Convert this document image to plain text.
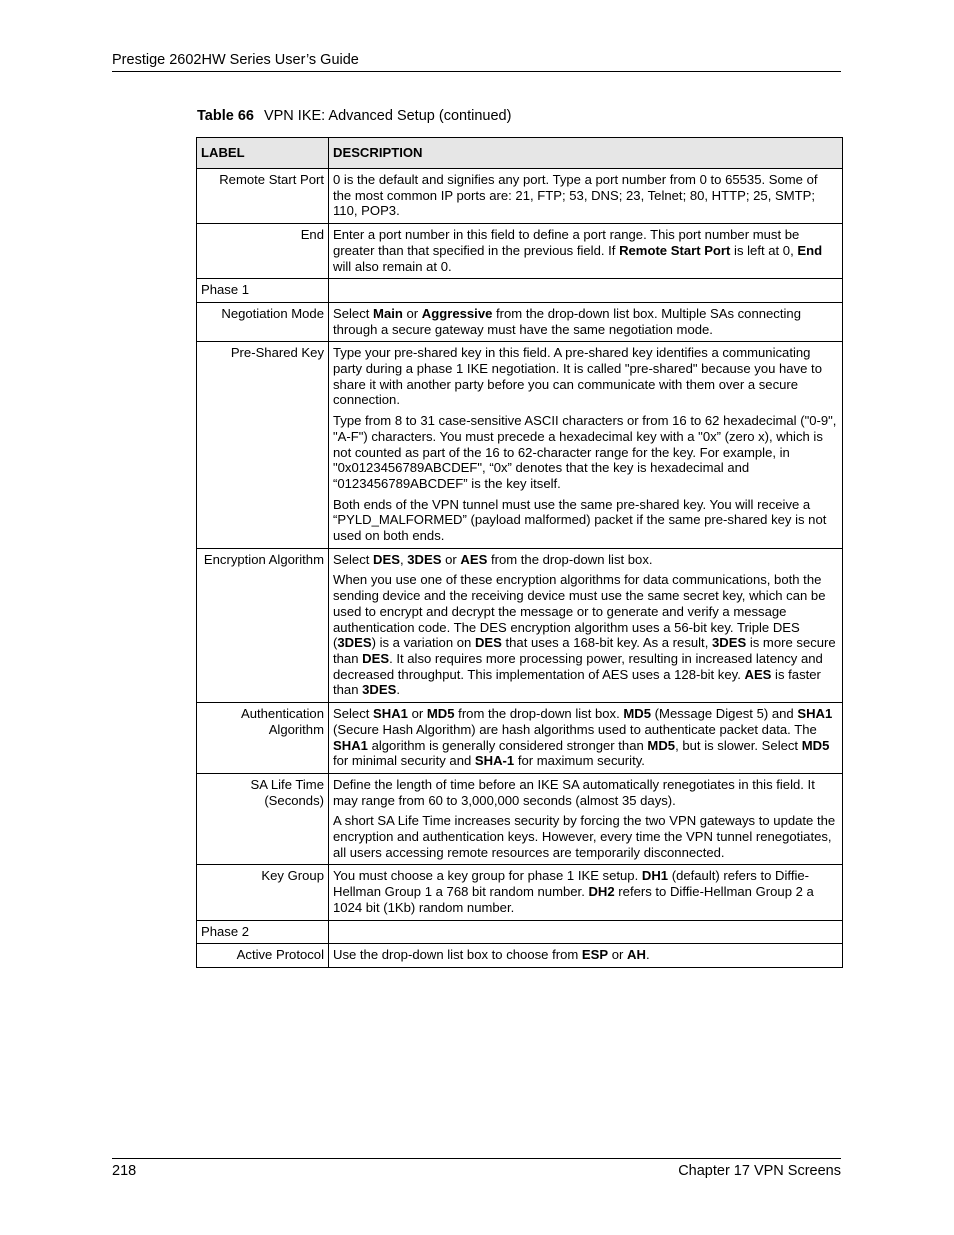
Prestige 2602HW Series User’s Guide
Table 66 VPN IKE: Advanced Setup (continued)
LABEL	DESCRIPTION
Remote Start Port	0 is the default and signifies any port. Type a port number from 0 to 65535. Some of the most common IP ports are: 21, FTP; 53, DNS; 23, Telnet; 80, HTTP; 25, SMTP; 110, POP3.

End	Enter a port number in this field to define a port range. This port number must be greater than that specified in the previous field. If Remote Start Port is left at 0, End will also remain at 0.

Phase 1	
Negotiation Mode	Select Main or Aggressive from the drop-down list box. Multiple SAs connecting through a secure gateway must have the same negotiation mode.

Pre-Shared Key	Type your pre-shared key in this field. A pre-shared key identifies a communicating party during a phase 1 IKE negotiation. It is called "pre-shared" because you have to share it with another party before you can communicate with them over a secure connection.

Type from 8 to 31 case-sensitive ASCII characters or from 16 to 62 hexadecimal ("0-9", "A-F") characters. You must precede a hexadecimal key with a "0x” (zero x), which is not counted as part of the 16 to 62-character range for the key. For example, in "0x0123456789ABCDEF", “0x” denotes that the key is hexadecimal and “0123456789ABCDEF” is the key itself.

Both ends of the VPN tunnel must use the same pre-shared key. You will receive a “PYLD_MALFORMED” (payload malformed) packet if the same pre-shared key is not used on both ends.

Encryption Algorithm	Select DES, 3DES or AES from the drop-down list box.

When you use one of these encryption algorithms for data communications, both the sending device and the receiving device must use the same secret key, which can be used to encrypt and decrypt the message or to generate and verify a message authentication code. The DES encryption algorithm uses a 56-bit key. Triple DES (3DES) is a variation on DES that uses a 168-bit key. As a result, 3DES is more secure than DES. It also requires more processing power, resulting in increased latency and decreased throughput. This implementation of AES uses a 128-bit key. AES is faster than 3DES.

Authentication Algorithm	Select SHA1 or MD5 from the drop-down list box. MD5 (Message Digest 5) and SHA1 (Secure Hash Algorithm) are hash algorithms used to authenticate packet data. The SHA1 algorithm is generally considered stronger than MD5, but is slower. Select MD5 for minimal security and SHA-1 for maximum security.

SA Life Time (Seconds)	Define the length of time before an IKE SA automatically renegotiates in this field. It may range from 60 to 3,000,000 seconds (almost 35 days).

A short SA Life Time increases security by forcing the two VPN gateways to update the encryption and authentication keys. However, every time the VPN tunnel renegotiates, all users accessing remote resources are temporarily disconnected.

Key Group	You must choose a key group for phase 1 IKE setup. DH1 (default) refers to Diffie-Hellman Group 1 a 768 bit random number. DH2 refers to Diffie-Hellman Group 2 a 1024 bit (1Kb) random number.

Phase 2	
Active Protocol	Use the drop-down list box to choose from ESP or AH.

218	Chapter 17 VPN Screens
